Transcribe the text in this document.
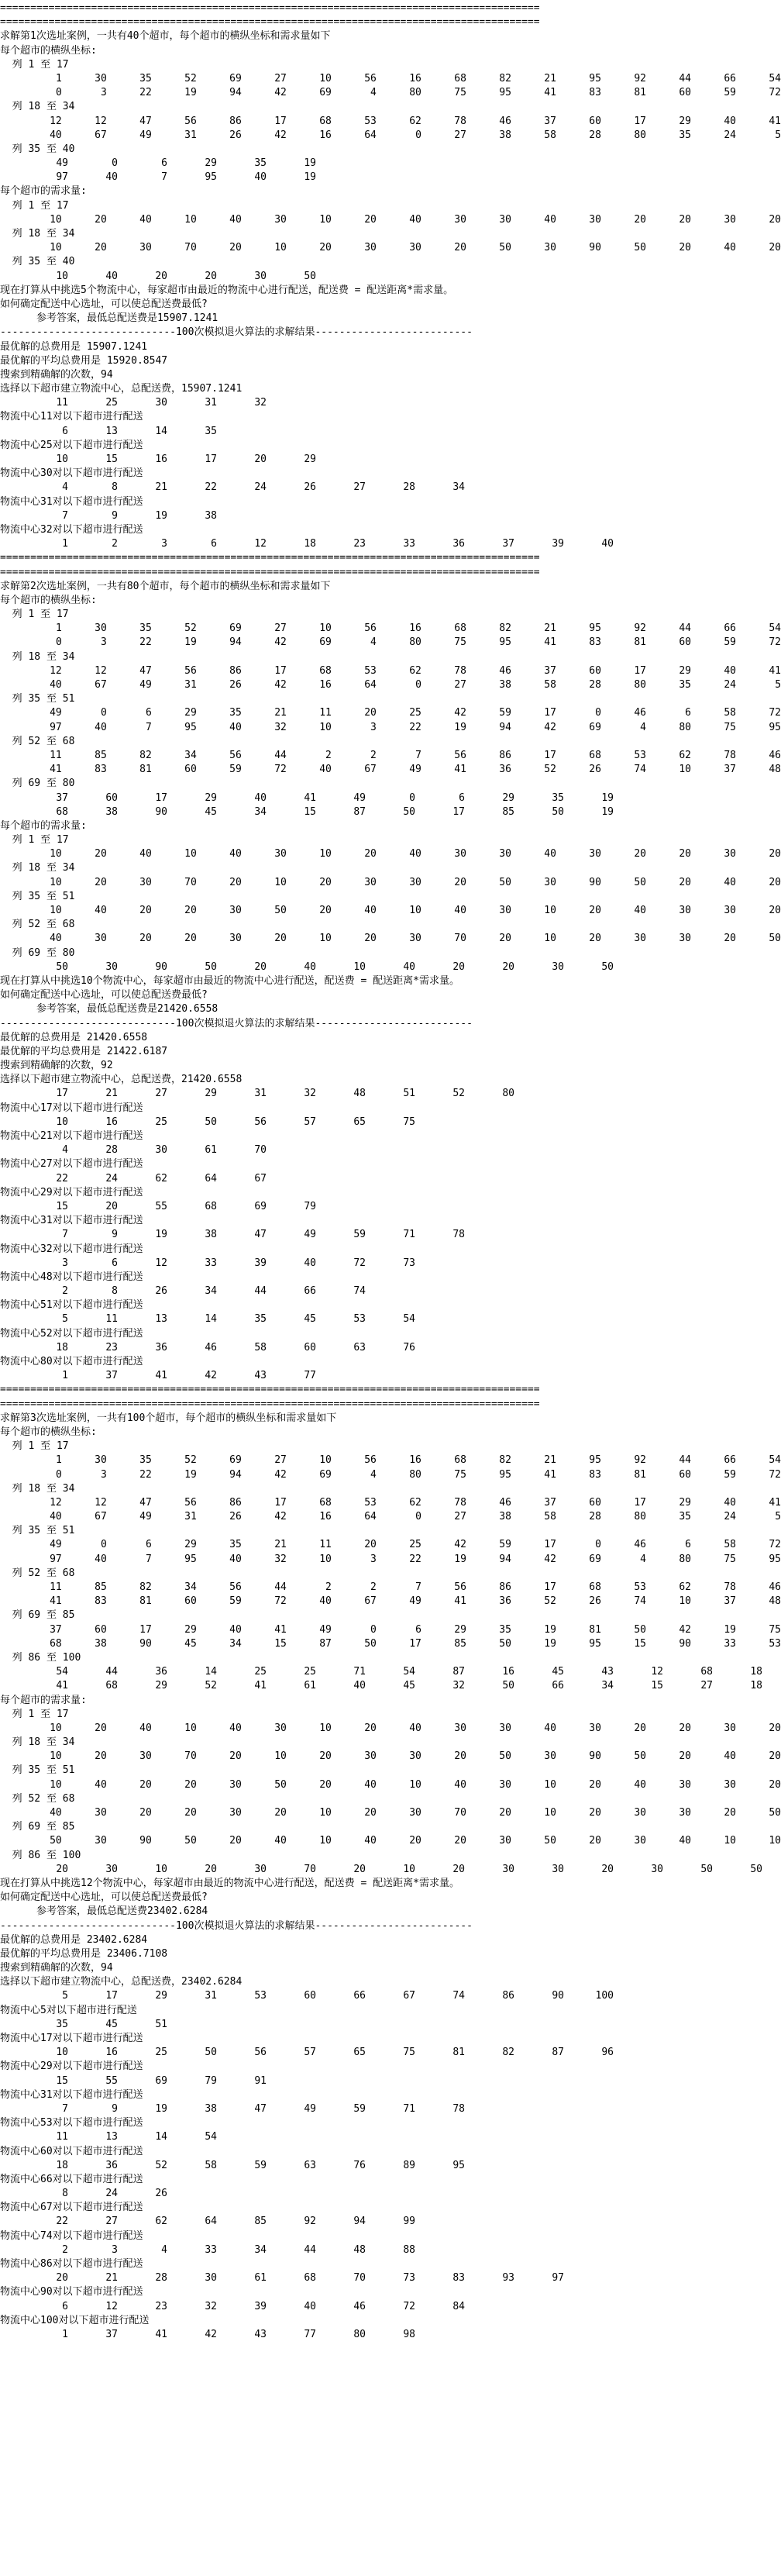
=========================================================================================
=========================================================================================
求解第1次选址案例，一共有40个超市，每个超市的横纵坐标和需求量如下
每个超市的横纵坐标:
列 1 至 17
1	30	35	52	69	27	10	56	16	68	82	21	95	92	44	66	54
0	3	22	19	94	42	69	4	80	75	95	41	83	81	60	59	72
列 18 至 34
12	12	47	56	86	17	68	53	62	78	46	37	60	17	29	40	41
40	67	49	31	26	42	16	64	0	27	38	58	28	80	35	24	5
列 35 至 40
49	0	6	29	35	19
97	40	7	95	40	19
每个超市的需求量:
列 1 至 17
10	20	40	10	40	30	10	20	40	30	30	40	30	20	20	30	20
列 18 至 34
10	20	30	70	20	10	20	30	30	20	50	30	90	50	20	40	20
列 35 至 40
10	40	20	20	30	50
现在打算从中挑选5个物流中心，每家超市由最近的物流中心进行配送，配送费 = 配送距离*需求量。
如何确定配送中心选址，可以使总配送费最低?
参考答案，最低总配送费是15907.1241
-----------------------------100次模拟退火算法的求解结果--------------------------
最优解的总费用是 15907.1241
最优解的平均总费用是 15920.8547
搜索到精确解的次数，94
选择以下超市建立物流中心，总配送费，15907.1241
11	25	30	31	32
物流中心11对以下超市进行配送
6	13	14	35
物流中心25对以下超市进行配送
10	15	16	17	20	29
物流中心30对以下超市进行配送
4	8	21	22	24	26	27	28	34
物流中心31对以下超市进行配送
7	9	19	38
物流中心32对以下超市进行配送
1	2	3	6	12	18	23	33	36	37	39	40
=========================================================================================
=========================================================================================
求解第2次选址案例，一共有80个超市，每个超市的横纵坐标和需求量如下
每个超市的横纵坐标:
列 1 至 17
1	30	35	52	69	27	10	56	16	68	82	21	95	92	44	66	54
0	3	22	19	94	42	69	4	80	75	95	41	83	81	60	59	72
列 18 至 34
12	12	47	56	86	17	68	53	62	78	46	37	60	17	29	40	41
40	67	49	31	26	42	16	64	0	27	38	58	28	80	35	24	5
列 35 至 51
49	0	6	29	35	21	11	20	25	42	59	17	0	46	6	58	72
97	40	7	95	40	32	10	3	22	19	94	42	69	4	80	75	95
列 52 至 68
11	85	82	34	56	44	2	2	7	56	86	17	68	53	62	78	46
41	83	81	60	59	72	40	67	49	41	36	52	26	74	10	37	48
列 69 至 80
37	60	17	29	40	41	49	0	6	29	35	19
68	38	90	45	34	15	87	50	17	85	50	19
每个超市的需求量:
列 1 至 17
10	20	40	10	40	30	10	20	40	30	30	40	30	20	20	30	20
列 18 至 34
10	20	30	70	20	10	20	30	30	20	50	30	90	50	20	40	20
列 35 至 51
10	40	20	20	30	50	20	40	10	40	30	10	20	40	30	30	20
列 52 至 68
40	30	20	20	30	20	10	20	30	70	20	10	20	30	30	20	50
列 69 至 80
50	30	90	50	20	40	10	40	20	20	30	50
现在打算从中挑选10个物流中心，每家超市由最近的物流中心进行配送，配送费 = 配送距离*需求量。
如何确定配送中心选址，可以使总配送费最低?
参考答案，最低总配送费是21420.6558
-----------------------------100次模拟退火算法的求解结果--------------------------
最优解的总费用是 21420.6558
最优解的平均总费用是 21422.6187
搜索到精确解的次数，92
选择以下超市建立物流中心，总配送费，21420.6558
17	21	27	29	31	32	48	51	52	80
物流中心17对以下超市进行配送
10	16	25	50	56	57	65	75
物流中心21对以下超市进行配送
4	28	30	61	70
物流中心27对以下超市进行配送
22	24	62	64	67
物流中心29对以下超市进行配送
15	20	55	68	69	79
物流中心31对以下超市进行配送
7	9	19	38	47	49	59	71	78
物流中心32对以下超市进行配送
3	6	12	33	39	40	72	73
物流中心48对以下超市进行配送
2	8	26	34	44	66	74
物流中心51对以下超市进行配送
5	11	13	14	35	45	53	54
物流中心52对以下超市进行配送
18	23	36	46	58	60	63	76
物流中心80对以下超市进行配送
1	37	41	42	43	77
=========================================================================================
=========================================================================================
求解第3次选址案例，一共有100个超市，每个超市的横纵坐标和需求量如下
每个超市的横纵坐标:
列 1 至 17
1	30	35	52	69	27	10	56	16	68	82	21	95	92	44	66	54
0	3	22	19	94	42	69	4	80	75	95	41	83	81	60	59	72
列 18 至 34
12	12	47	56	86	17	68	53	62	78	46	37	60	17	29	40	41
40	67	49	31	26	42	16	64	0	27	38	58	28	80	35	24	5
列 35 至 51
49	0	6	29	35	21	11	20	25	42	59	17	0	46	6	58	72
97	40	7	95	40	32	10	3	22	19	94	42	69	4	80	75	95
列 52 至 68
11	85	82	34	56	44	2	2	7	56	86	17	68	53	62	78	46
41	83	81	60	59	72	40	67	49	41	36	52	26	74	10	37	48
列 69 至 85
37	60	17	29	40	41	49	0	6	29	35	19	81	50	42	19	75
68	38	90	45	34	15	87	50	17	85	50	19	95	15	90	33	53
列 86 至 100
54	44	36	14	25	25	71	54	87	16	45	43	12	68	18
41	68	29	52	41	61	40	45	32	50	66	34	15	27	18
每个超市的需求量:
列 1 至 17
10	20	40	10	40	30	10	20	40	30	30	40	30	20	20	30	20
列 18 至 34
10	20	30	70	20	10	20	30	30	20	50	30	90	50	20	40	20
列 35 至 51
10	40	20	20	30	50	20	40	10	40	30	10	20	40	30	30	20
列 52 至 68
40	30	20	20	30	20	10	20	30	70	20	10	20	30	30	20	50
列 69 至 85
50	30	90	50	20	40	10	40	20	20	30	50	20	30	40	10	10
列 86 至 100
20	30	10	20	30	70	20	10	20	30	30	20	30	50	50
现在打算从中挑选12个物流中心，每家超市由最近的物流中心进行配送，配送费 = 配送距离*需求量。
如何确定配送中心选址，可以使总配送费最低?
参考答案，最低总配送费23402.6284
-----------------------------100次模拟退火算法的求解结果--------------------------
最优解的总费用是 23402.6284
最优解的平均总费用是 23406.7108
搜索到精确解的次数，94
选择以下超市建立物流中心，总配送费，23402.6284
5	17	29	31	53	60	66	67	74	86	90	100
物流中心5对以下超市进行配送
35	45	51
物流中心17对以下超市进行配送
10	16	25	50	56	57	65	75	81	82	87	96
物流中心29对以下超市进行配送
15	55	69	79	91
物流中心31对以下超市进行配送
7	9	19	38	47	49	59	71	78
物流中心53对以下超市进行配送
11	13	14	54
物流中心60对以下超市进行配送
18	36	52	58	59	63	76	89	95
物流中心66对以下超市进行配送
8	24	26
物流中心67对以下超市进行配送
22	27	62	64	85	92	94	99
物流中心74对以下超市进行配送
2	3	4	33	34	44	48	88
物流中心86对以下超市进行配送
20	21	28	30	61	68	70	73	83	93	97
物流中心90对以下超市进行配送
6	12	23	32	39	40	46	72	84
物流中心100对以下超市进行配送
1	37	41	42	43	77	80	98
